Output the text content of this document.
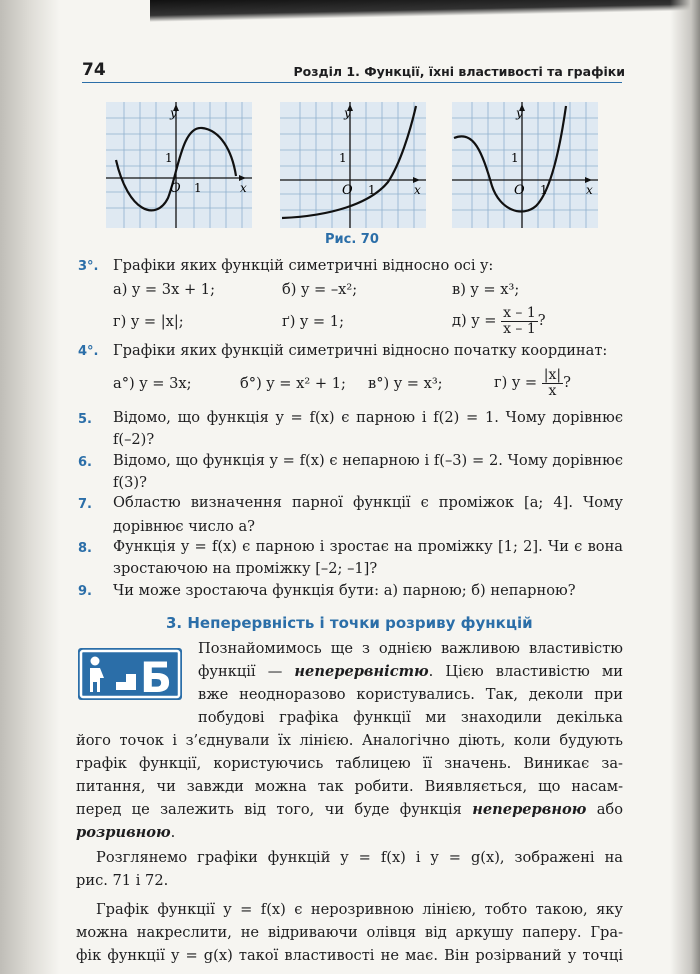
74	Розділ 1. Функції, їхні властивості та графіки
y
x
1
O 1
y
x
1
O 1
y
x
1
O 1
Рис. 70
3°. Графіки яких функцій симетричні відносно осі y:
а) y = 3x + 1;	б) y = –x²;	в) y = x³;
г) y = |x|;	ґ) y = 1;	д) $y = \frac{x - 1}{x - 1}$ ?
4°. Графіки яких функцій симетричні відносно початку координат:
а°) y = 3x;	б°) y = x² + 1; в°) y = x³;	г) $y = \frac{|x|}{x}$ ?
5. Відомо, що функція y = f(x) є парною і f(2) = 1. Чому дорівнює
f(–2)?
6. Відомо, що функція y = f(x) є непарною і f(–3) = 2. Чому дорівнює
f(3)?
7. Областю визначення парної функції є проміжок [a; 4]. Чому
дорівнює число a?
8. Функція y = f(x) є парною і зростає на проміжку [1; 2]. Чи є вона
зростаючою на проміжку [–2; –1]?
9. Чи може зростаюча функція бути: а) парною; б) непарною?
3. Неперервність і точки розриву функцій
Б
Познайомимось ще з однією важливою властивістю
функції — неперервністю. Цією властивістю ми
вже неодноразово користувались. Так, деколи при
побудові графіка функції ми знаходили декілька
його точок і з’єднували їх лінією. Аналогічно діють, коли будують
графік функції, користуючись таблицею її значень. Виникає за-
питання, чи завжди можна так робити. Виявляється, що насам-
перед це залежить від того, чи буде функція неперервною або
розривною.
Розглянемо графіки функцій y = f(x) і y = g(x), зображені на
рис. 71 і 72.
Графік функції y = f(x) є нерозривною лінією, тобто такою, яку
можна накреслити, не відриваючи олівця від аркушу паперу. Гра-
фік функції y = g(x) такої властивості не має. Він розірваний у точці
